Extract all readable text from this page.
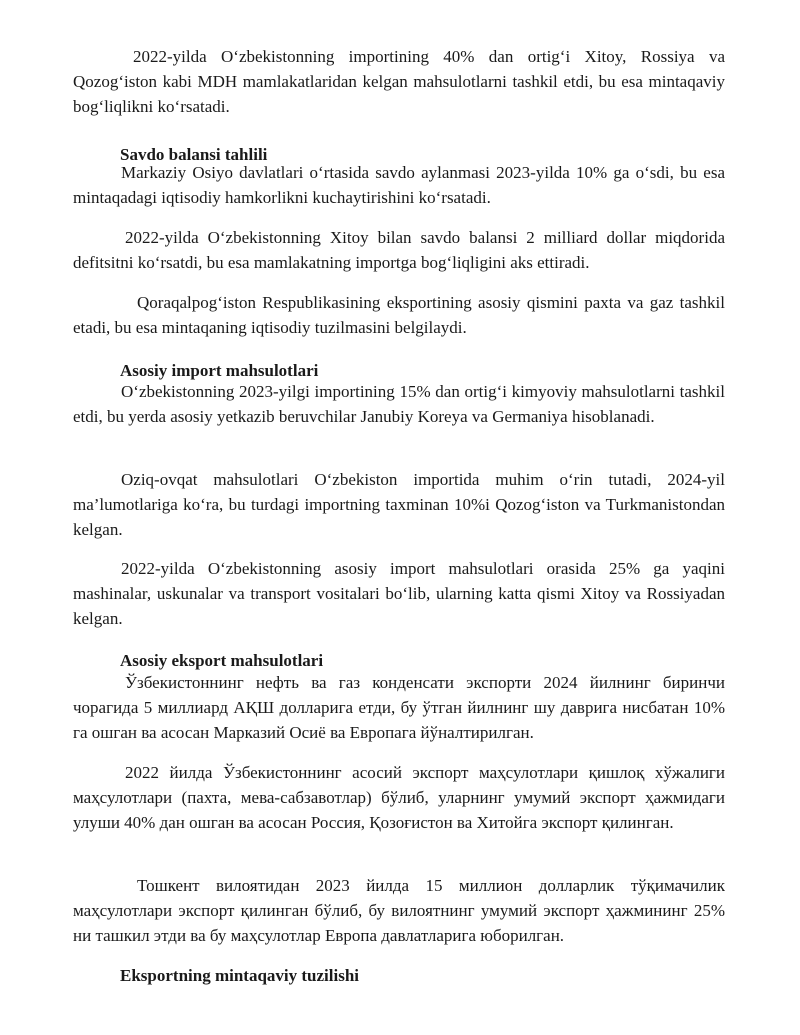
2022-yilda O‘zbekistonning importining 40% dan ortig‘i Xitoy, Rossiya va Qozog‘iston kabi MDH mamlakatlaridan kelgan mahsulotlarni tashkil etdi, bu esa mintaqaviy bog‘liqlikni ko‘rsatadi.

Savdo balansi tahlili

Markaziy Osiyo davlatlari o‘rtasida savdo aylanmasi 2023-yilda 10% ga o‘sdi, bu esa mintaqadagi iqtisodiy hamkorlikni kuchaytirishini ko‘rsatadi.

2022-yilda O‘zbekistonning Xitoy bilan savdo balansi 2 milliard dollar miqdorida defitsitni ko‘rsatdi, bu esa mamlakatning importga bog‘liqligini aks ettiradi.

Qoraqalpog‘iston Respublikasining eksportining asosiy qismini paxta va gaz tashkil etadi, bu esa mintaqaning iqtisodiy tuzilmasini belgilaydi.

Asosiy import mahsulotlari

O‘zbekistonning 2023-yilgi importining 15% dan ortig‘i kimyoviy mahsulotlarni tashkil etdi, bu yerda asosiy yetkazib beruvchilar Janubiy Koreya va Germaniya hisoblanadi.

Oziq-ovqat mahsulotlari O‘zbekiston importida muhim o‘rin tutadi, 2024-yil ma’lumotlariga ko‘ra, bu turdagi importning taxminan 10%i Qozog‘iston va Turkmanistondan kelgan.

2022-yilda O‘zbekistonning asosiy import mahsulotlari orasida 25% ga yaqini mashinalar, uskunalar va transport vositalari bo‘lib, ularning katta qismi Xitoy va Rossiyadan kelgan.

Asosiy eksport mahsulotlari

Ўзбекистоннинг нефть ва газ конденсати экспорти 2024 йилнинг биринчи чорагида 5 миллиард АҚШ долларига етди, бу ўтган йилнинг шу даврига нисбатан 10% га ошган ва асосан Марказий Осиё ва Европага йўналтирилган.

2022 йилда Ўзбекистоннинг асосий экспорт маҳсулотлари қишлоқ хўжалиги маҳсулотлари (пахта, мева-сабзавотлар) бўлиб, уларнинг умумий экспорт ҳажмидаги улуши 40% дан ошган ва асосан Россия, Қозоғистон ва Хитойга экспорт қилинган.

Тошкент вилоятидан 2023 йилда 15 миллион долларлик тўқимачилик маҳсулотлари экспорт қилинган бўлиб, бу вилоятнинг умумий экспорт ҳажмининг 25% ни ташкил этди ва бу маҳсулотлар Европа давлатларига юборилган.

Eksportning mintaqaviy tuzilishi
